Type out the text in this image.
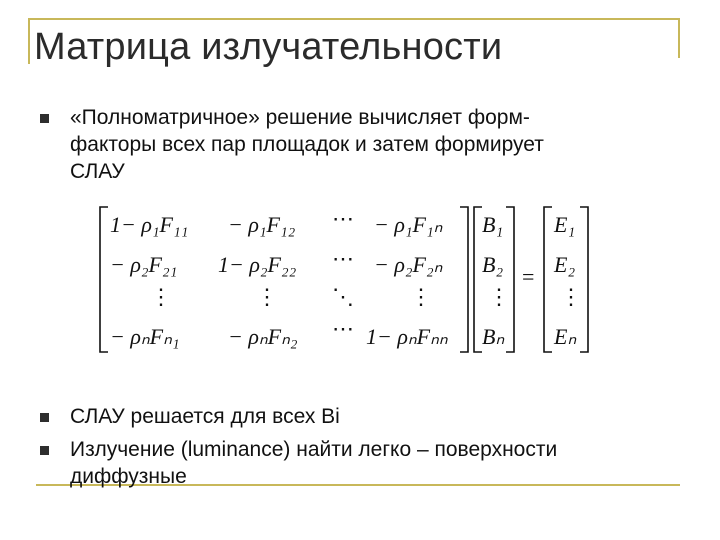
Матрица излучательности
«Полноматричное» решение вычисляет форм-
факторы всех пар площадок и затем формирует
СЛАУ
1− ρ₁F₁₁ − ρ₁F₁₂ ⋯ − ρ₁F₁ₙ
− ρ₂F₂₁ 1− ρ₂F₂₂ ⋯ − ρ₂F₂ₙ
⋮	⋮ ⋱	⋮
− ρₙFₙ₁ − ρₙFₙ₂ ⋯ 1− ρₙFₙₙ
B₁
B₂
⋮
Bₙ
=
E₁
E₂
⋮
Eₙ
СЛАУ решается для всех Bi
Излучение (luminance) найти легко – поверхности
диффузные
